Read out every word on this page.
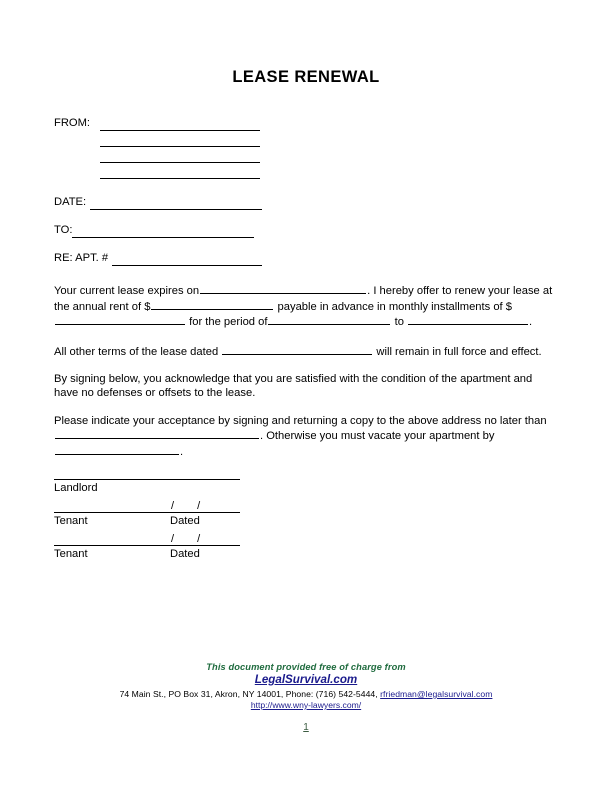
LEASE RENEWAL
FROM:
DATE:
TO:
RE: APT. #
Your current lease expires on	. I hereby offer to renew your lease at the annual rent of $	payable in advance in monthly installments of $ for the period of	to	.
All other terms of the lease dated	will remain in full force and effect.
By signing below, you acknowledge that you are satisfied with the condition of the apartment and have no defenses or offsets to the lease.
Please indicate your acceptance by signing and returning a copy to the above address no later than . Otherwise you must vacate your apartment by .
Landlord
/ /
Tenant	Dated
/ /
Tenant	Dated
This document provided free of charge from
LegalSurvival.com
74 Main St., PO Box 31, Akron, NY 14001, Phone: (716) 542-5444, rfriedman@legalsurvival.com
http://www.wny-lawyers.com/
1
